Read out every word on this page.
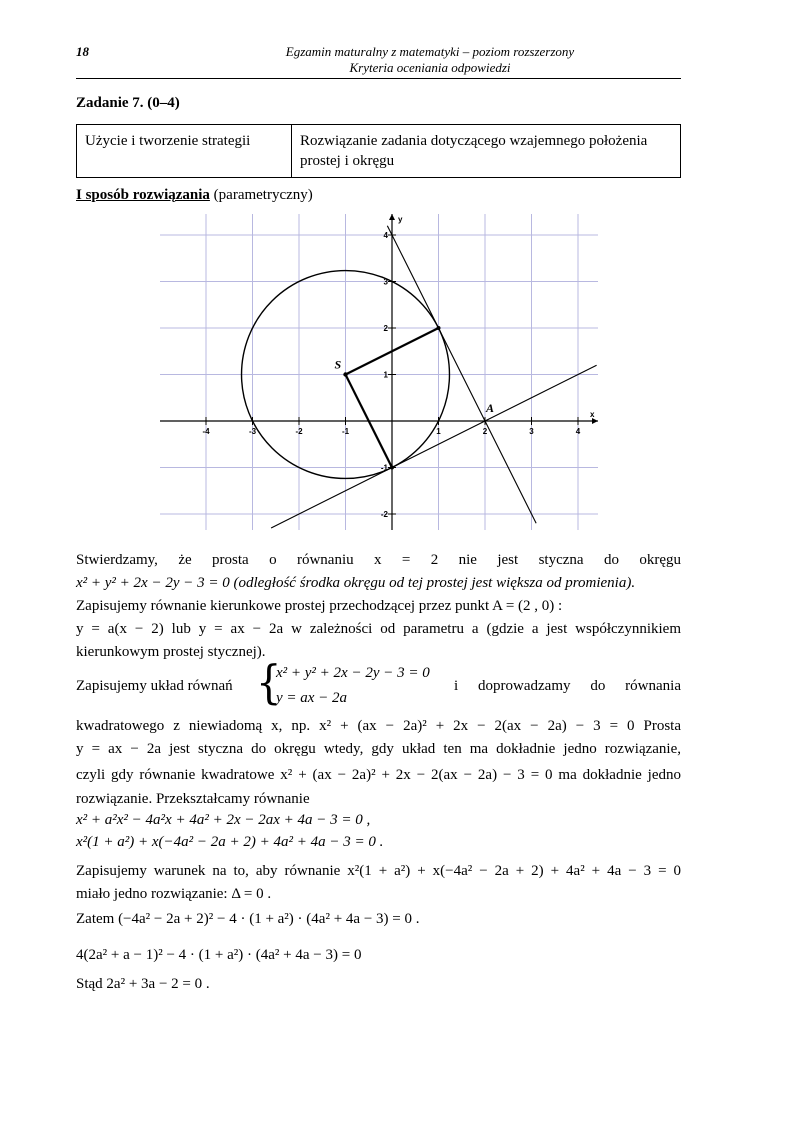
18	Egzamin maturalny z matematyki – poziom rozszerzony
Kryteria oceniania odpowiedzi
Zadanie 7. (0–4)
Użycie i tworzenie strategii	Rozwiązanie zadania dotyczącego wzajemnego położenia prostej i okręgu
I sposób rozwiązania (parametryczny)
-4	-3	-2	-1	1	2	3	4
-2
-1
1
2
3
4
x
y
S
A
Stwierdzamy, że prosta o równaniu x = 2 nie jest styczna do okręgu
x² + y² + 2x − 2y − 3 = 0 (odległość środka okręgu od tej prostej jest większa od promienia).
Zapisujemy równanie kierunkowe prostej przechodzącej przez punkt A = (2 , 0) :
y = a(x − 2) lub y = ax − 2a w zależności od parametru a (gdzie a jest współczynnikiem
kierunkowym prostej stycznej).
Zapisujemy układ równań {
x² + y² + 2x − 2y − 3 = 0
y = ax − 2a
i doprowadzamy do równania
kwadratowego z niewiadomą x, np. x² + (ax − 2a)² + 2x − 2(ax − 2a) − 3 = 0 Prosta
y = ax − 2a jest styczna do okręgu wtedy, gdy układ ten ma dokładnie jedno rozwiązanie,
czyli gdy równanie kwadratowe x² + (ax − 2a)² + 2x − 2(ax − 2a) − 3 = 0 ma dokładnie jedno
rozwiązanie. Przekształcamy równanie
x² + a²x² − 4a²x + 4a² + 2x − 2ax + 4a − 3 = 0 ,
x²(1 + a²) + x(−4a² − 2a + 2) + 4a² + 4a − 3 = 0 .
Zapisujemy warunek na to, aby równanie x²(1 + a²) + x(−4a² − 2a + 2) + 4a² + 4a − 3 = 0
miało jedno rozwiązanie: Δ = 0 .
Zatem (−4a² − 2a + 2)² − 4 · (1 + a²) · (4a² + 4a − 3) = 0 .
4(2a² + a − 1)² − 4 · (1 + a²) · (4a² + 4a − 3) = 0
Stąd 2a² + 3a − 2 = 0 .
